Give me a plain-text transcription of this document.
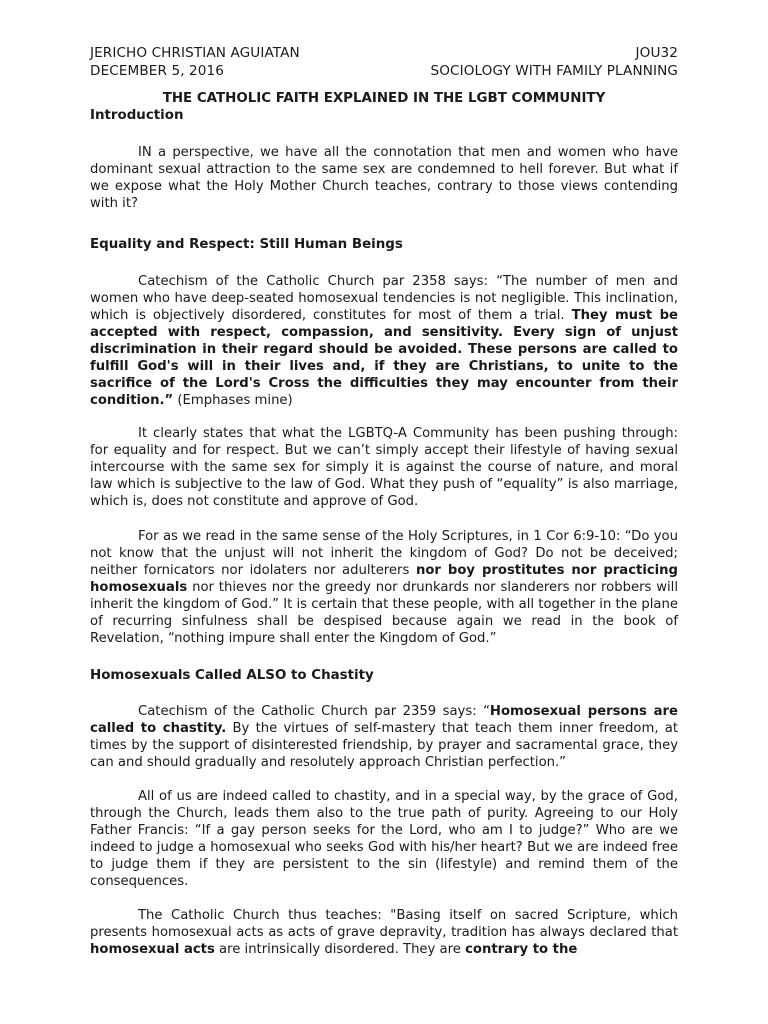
JERICHO CHRISTIAN AGUIATAN	JOU32
DECEMBER 5, 2016	SOCIOLOGY WITH FAMILY PLANNING
THE CATHOLIC FAITH EXPLAINED IN THE LGBT COMMUNITY
Introduction

IN a perspective, we have all the connotation that men and women who have dominant sexual attraction to the same sex are condemned to hell forever. But what if we expose what the Holy Mother Church teaches, contrary to those views contending with it?

Equality and Respect: Still Human Beings

Catechism of the Catholic Church par 2358 says: “The number of men and women who have deep-seated homosexual tendencies is not negligible. This inclination, which is objectively disordered, constitutes for most of them a trial. They must be accepted with respect, compassion, and sensitivity. Every sign of unjust discrimination in their regard should be avoided. These persons are called to fulfill God's will in their lives and, if they are Christians, to unite to the sacrifice of the Lord's Cross the difficulties they may encounter from their condition.” (Emphases mine)

It clearly states that what the LGBTQ-A Community has been pushing through: for equality and for respect. But we can’t simply accept their lifestyle of having sexual intercourse with the same sex for simply it is against the course of nature, and moral law which is subjective to the law of God. What they push of “equality” is also marriage, which is, does not constitute and approve of God.

For as we read in the same sense of the Holy Scriptures, in 1 Cor 6:9-10: “Do you not know that the unjust will not inherit the kingdom of God? Do not be deceived; neither fornicators nor idolaters nor adulterers nor boy prostitutes nor practicing homosexuals nor thieves nor the greedy nor drunkards nor slanderers nor robbers will inherit the kingdom of God.” It is certain that these people, with all together in the plane of recurring sinfulness shall be despised because again we read in the book of Revelation, “nothing impure shall enter the Kingdom of God.”

Homosexuals Called ALSO to Chastity

Catechism of the Catholic Church par 2359 says: “Homosexual persons are called to chastity. By the virtues of self-mastery that teach them inner freedom, at times by the support of disinterested friendship, by prayer and sacramental grace, they can and should gradually and resolutely approach Christian perfection.”

All of us are indeed called to chastity, and in a special way, by the grace of God, through the Church, leads them also to the true path of purity. Agreeing to our Holy Father Francis: “If a gay person seeks for the Lord, who am I to judge?” Who are we indeed to judge a homosexual who seeks God with his/her heart? But we are indeed free to judge them if they are persistent to the sin (lifestyle) and remind them of the consequences.

The Catholic Church thus teaches: "Basing itself on sacred Scripture, which presents homosexual acts as acts of grave depravity, tradition has always declared that homosexual acts are intrinsically disordered. They are contrary to the
